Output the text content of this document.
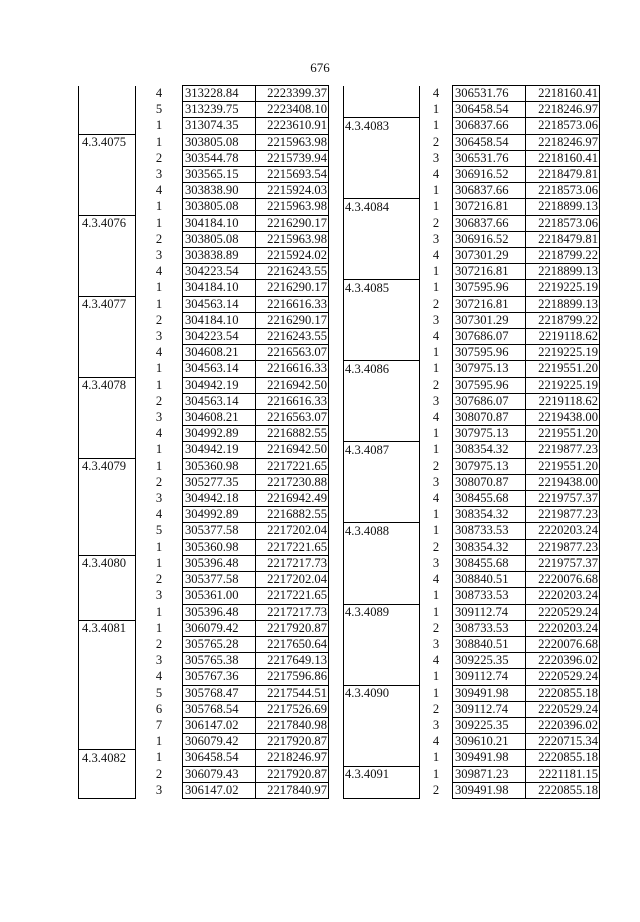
676
	4	313228.84	2223399.37
	5	313239.75	2223408.10
	1	313074.35	2223610.91
4.3.4075	1	303805.08	2215963.98
	2	303544.78	2215739.94
	3	303565.15	2215693.54
	4	303838.90	2215924.03
	1	303805.08	2215963.98
4.3.4076	1	304184.10	2216290.17
	2	303805.08	2215963.98
	3	303838.89	2215924.02
	4	304223.54	2216243.55
	1	304184.10	2216290.17
4.3.4077	1	304563.14	2216616.33
	2	304184.10	2216290.17
	3	304223.54	2216243.55
	4	304608.21	2216563.07
	1	304563.14	2216616.33
4.3.4078	1	304942.19	2216942.50
	2	304563.14	2216616.33
	3	304608.21	2216563.07
	4	304992.89	2216882.55
	1	304942.19	2216942.50
4.3.4079	1	305360.98	2217221.65
	2	305277.35	2217230.88
	3	304942.18	2216942.49
	4	304992.89	2216882.55
	5	305377.58	2217202.04
	1	305360.98	2217221.65
4.3.4080	1	305396.48	2217217.73
	2	305377.58	2217202.04
	3	305361.00	2217221.65
	1	305396.48	2217217.73
4.3.4081	1	306079.42	2217920.87
	2	305765.28	2217650.64
	3	305765.38	2217649.13
	4	305767.36	2217596.86
	5	305768.47	2217544.51
	6	305768.54	2217526.69
	7	306147.02	2217840.98
	1	306079.42	2217920.87
4.3.4082	1	306458.54	2218246.97
	2	306079.43	2217920.87
	3	306147.02	2217840.97
	4	306531.76	2218160.41
	1	306458.54	2218246.97
4.3.4083	1	306837.66	2218573.06
	2	306458.54	2218246.97
	3	306531.76	2218160.41
	4	306916.52	2218479.81
	1	306837.66	2218573.06
4.3.4084	1	307216.81	2218899.13
	2	306837.66	2218573.06
	3	306916.52	2218479.81
	4	307301.29	2218799.22
	1	307216.81	2218899.13
4.3.4085	1	307595.96	2219225.19
	2	307216.81	2218899.13
	3	307301.29	2218799.22
	4	307686.07	2219118.62
	1	307595.96	2219225.19
4.3.4086	1	307975.13	2219551.20
	2	307595.96	2219225.19
	3	307686.07	2219118.62
	4	308070.87	2219438.00
	1	307975.13	2219551.20
4.3.4087	1	308354.32	2219877.23
	2	307975.13	2219551.20
	3	308070.87	2219438.00
	4	308455.68	2219757.37
	1	308354.32	2219877.23
4.3.4088	1	308733.53	2220203.24
	2	308354.32	2219877.23
	3	308455.68	2219757.37
	4	308840.51	2220076.68
	1	308733.53	2220203.24
4.3.4089	1	309112.74	2220529.24
	2	308733.53	2220203.24
	3	308840.51	2220076.68
	4	309225.35	2220396.02
	1	309112.74	2220529.24
4.3.4090	1	309491.98	2220855.18
	2	309112.74	2220529.24
	3	309225.35	2220396.02
	4	309610.21	2220715.34
	1	309491.98	2220855.18
4.3.4091	1	309871.23	2221181.15
	2	309491.98	2220855.18
